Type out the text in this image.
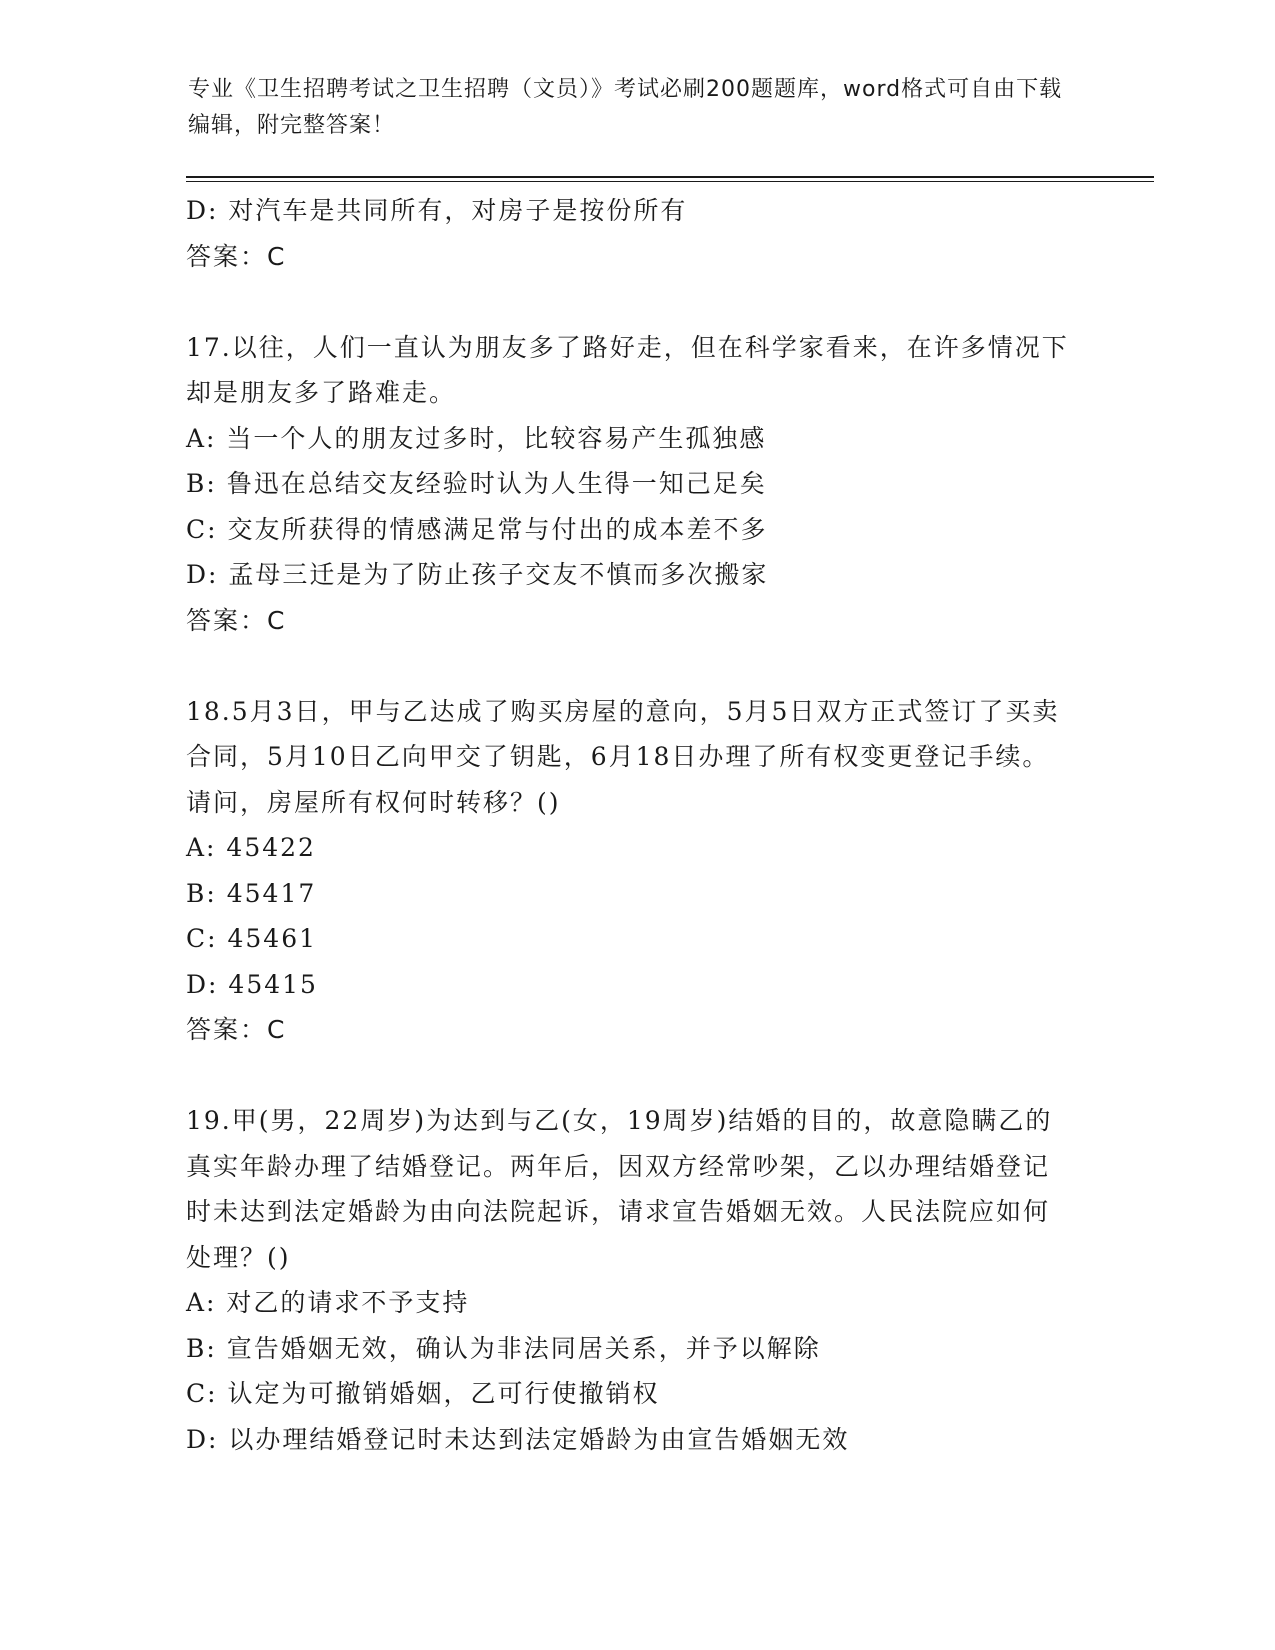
专业《卫生招聘考试之卫生招聘（文员）》考试必刷200题题库，word格式可自由下载编辑，附完整答案！

D: 对汽车是共同所有，对房子是按份所有

答案：C

17.以往，人们一直认为朋友多了路好走，但在科学家看来，在许多情况下却是朋友多了路难走。

A: 当一个人的朋友过多时，比较容易产生孤独感

B: 鲁迅在总结交友经验时认为人生得一知己足矣

C: 交友所获得的情感满足常与付出的成本差不多

D: 孟母三迁是为了防止孩子交友不慎而多次搬家

答案：C

18.5月3日，甲与乙达成了购买房屋的意向，5月5日双方正式签订了买卖合同，5月10日乙向甲交了钥匙，6月18日办理了所有权变更登记手续。请问，房屋所有权何时转移？()

A: 45422

B: 45417

C: 45461

D: 45415

答案：C

19.甲(男，22周岁)为达到与乙(女，19周岁)结婚的目的，故意隐瞒乙的真实年龄办理了结婚登记。两年后，因双方经常吵架，乙以办理结婚登记时未达到法定婚龄为由向法院起诉，请求宣告婚姻无效。人民法院应如何处理？()

A: 对乙的请求不予支持

B: 宣告婚姻无效，确认为非法同居关系，并予以解除

C: 认定为可撤销婚姻，乙可行使撤销权

D: 以办理结婚登记时未达到法定婚龄为由宣告婚姻无效
